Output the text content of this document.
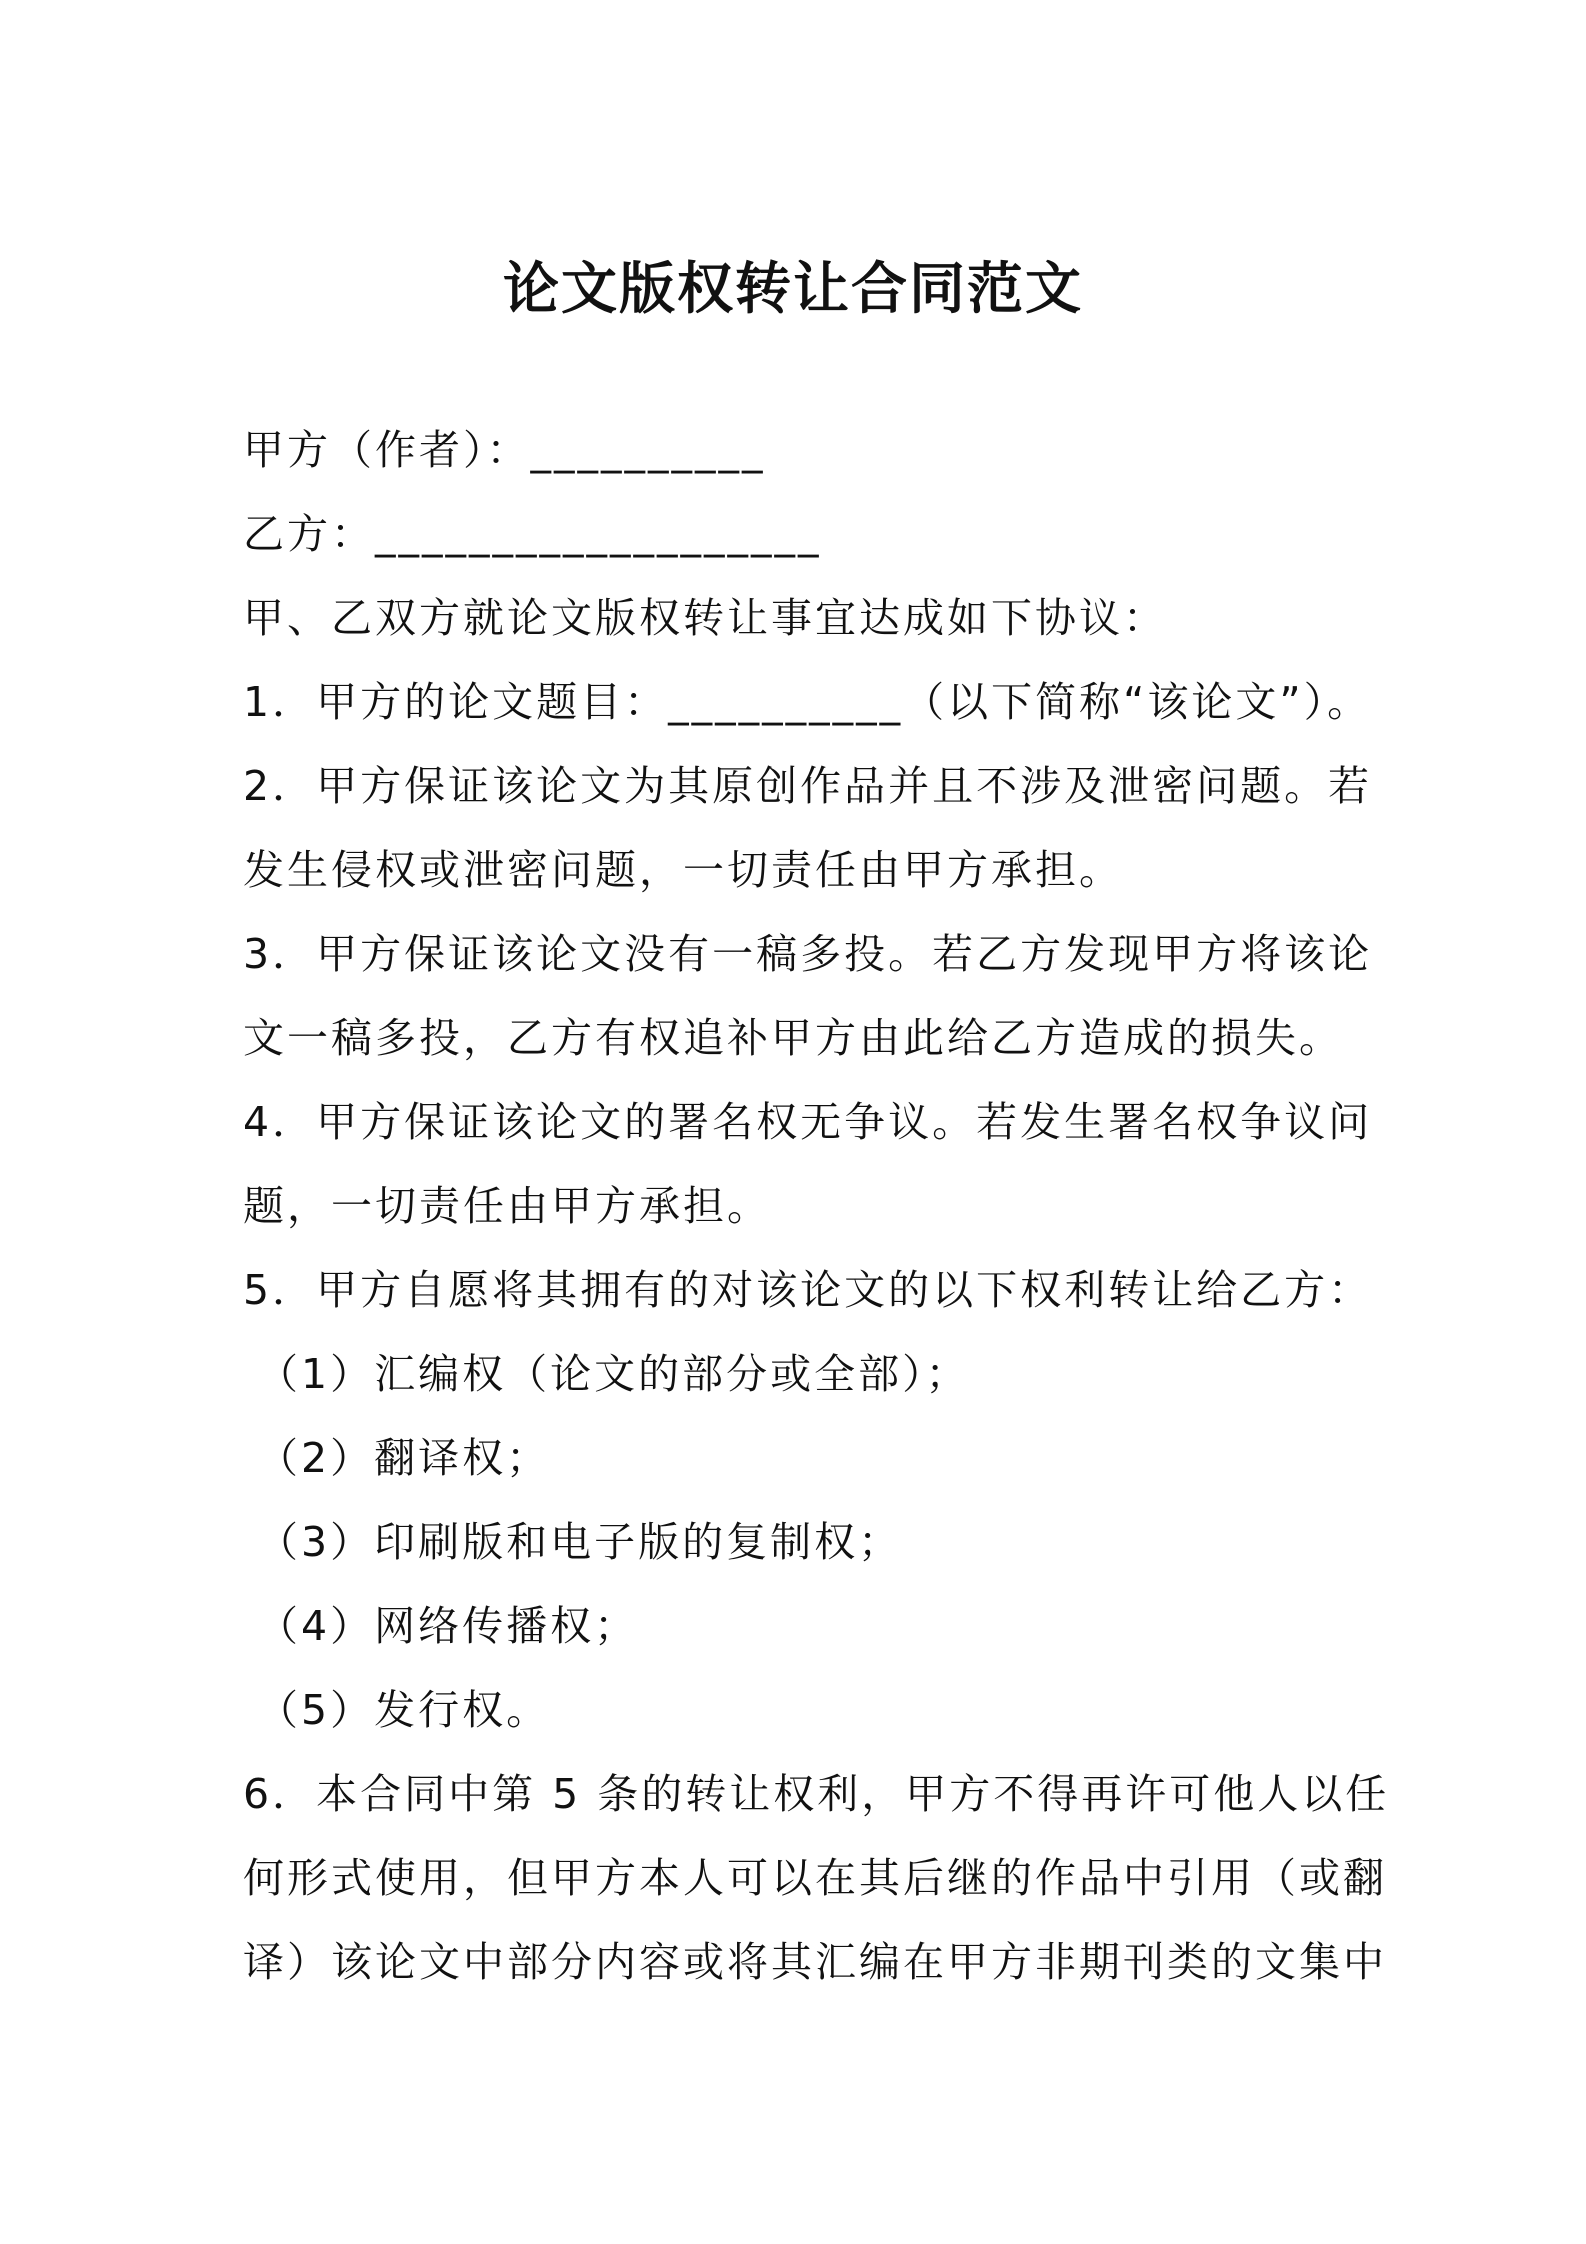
论文版权转让合同范文
甲方（作者）：__________
乙方：___________________
甲、乙双方就论文版权转让事宜达成如下协议：
1．甲方的论文题目：__________（以下简称“该论文”）。
2．甲方保证该论文为其原创作品并且不涉及泄密问题。若
发生侵权或泄密问题，一切责任由甲方承担。
3．甲方保证该论文没有一稿多投。若乙方发现甲方将该论
文一稿多投，乙方有权追补甲方由此给乙方造成的损失。
4．甲方保证该论文的署名权无争议。若发生署名权争议问
题，一切责任由甲方承担。
5．甲方自愿将其拥有的对该论文的以下权利转让给乙方：
（1）汇编权（论文的部分或全部）；
（2）翻译权；
（3）印刷版和电子版的复制权；
（4）网络传播权；
（5）发行权。
6．本合同中第 5 条的转让权利，甲方不得再许可他人以任
何形式使用，但甲方本人可以在其后继的作品中引用（或翻
译）该论文中部分内容或将其汇编在甲方非期刊类的文集中
